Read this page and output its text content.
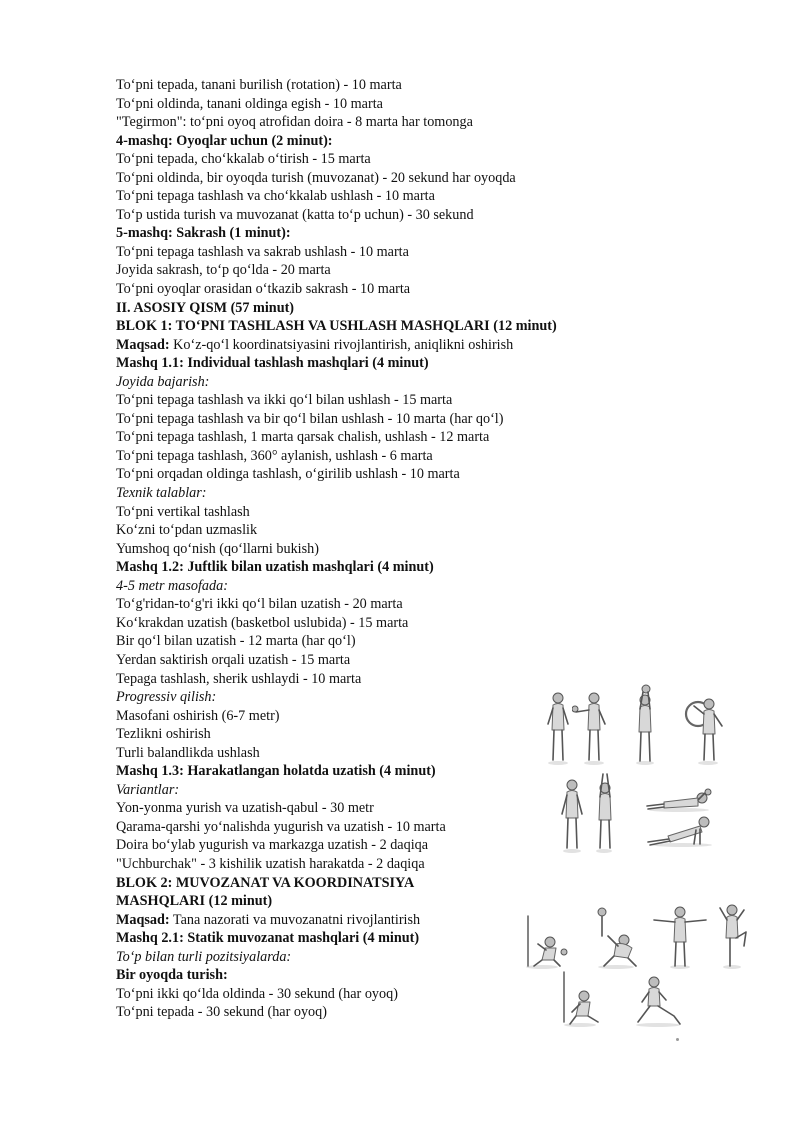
To‘pni tepada, tanani burilish (rotation) - 10 marta
To‘pni oldinda, tanani oldinga egish - 10 marta
"Tegirmon": to‘pni oyoq atrofidan doira - 8 marta har tomonga
4-mashq: Oyoqlar uchun (2 minut):
To‘pni tepada, cho‘kkalab o‘tirish - 15 marta
To‘pni oldinda, bir oyoqda turish (muvozanat) - 20 sekund har oyoqda
To‘pni tepaga tashlash va cho‘kkalab ushlash - 10 marta
To‘p ustida turish va muvozanat (katta to‘p uchun) - 30 sekund
5-mashq: Sakrash (1 minut):
To‘pni tepaga tashlash va sakrab ushlash - 10 marta
Joyida sakrash, to‘p qo‘lda - 20 marta
To‘pni oyoqlar orasidan o‘tkazib sakrash - 10 marta
II. ASOSIY QISM (57 minut)
BLOK 1: TO‘PNI TASHLASH VA USHLASH MASHQLARI (12 minut)
Maqsad: Ko‘z-qo‘l koordinatsiyasini rivojlantirish, aniqlikni oshirish
Mashq 1.1: Individual tashlash mashqlari (4 minut)
Joyida bajarish:
To‘pni tepaga tashlash va ikki qo‘l bilan ushlash - 15 marta
To‘pni tepaga tashlash va bir qo‘l bilan ushlash - 10 marta (har qo‘l)
To‘pni tepaga tashlash, 1 marta qarsak chalish, ushlash - 12 marta
To‘pni tepaga tashlash, 360° aylanish, ushlash - 6 marta
To‘pni orqadan oldinga tashlash, o‘girilib ushlash - 10 marta
Texnik talablar:
To‘pni vertikal tashlash
Ko‘zni to‘pdan uzmaslik
Yumshoq qo‘nish (qo‘llarni bukish)
Mashq 1.2: Juftlik bilan uzatish mashqlari (4 minut)
4-5 metr masofada:
To‘g'ridan-to‘g'ri ikki qo‘l bilan uzatish - 20 marta
Ko‘krakdan uzatish (basketbol uslubida) - 15 marta
Bir qo‘l bilan uzatish - 12 marta (har qo‘l)
Yerdan saktirish orqali uzatish - 15 marta
Tepaga tashlash, sherik ushlaydi - 10 marta
Progressiv qilish:
Masofani oshirish (6-7 metr)
Tezlikni oshirish
Turli balandlikda ushlash
Mashq 1.3: Harakatlangan holatda uzatish (4 minut)
Variantlar:
Yon-yonma yurish va uzatish-qabul - 30 metr
Qarama-qarshi yo‘nalishda yugurish va uzatish - 10 marta
Doira bo‘ylab yugurish va markazga uzatish - 2 daqiqa
"Uchburchak" - 3 kishilik uzatish harakatda - 2 daqiqa
BLOK 2: MUVOZANAT VA KOORDINATSIYA
MASHQLARI (12 minut)
Maqsad: Tana nazorati va muvozanatni rivojlantirish
Mashq 2.1: Statik muvozanat mashqlari (4 minut)
To‘p bilan turli pozitsiyalarda:
Bir oyoqda turish:
To‘pni ikki qo‘lda oldinda - 30 sekund (har oyoq)
To‘pni tepada - 30 sekund (har oyoq)
